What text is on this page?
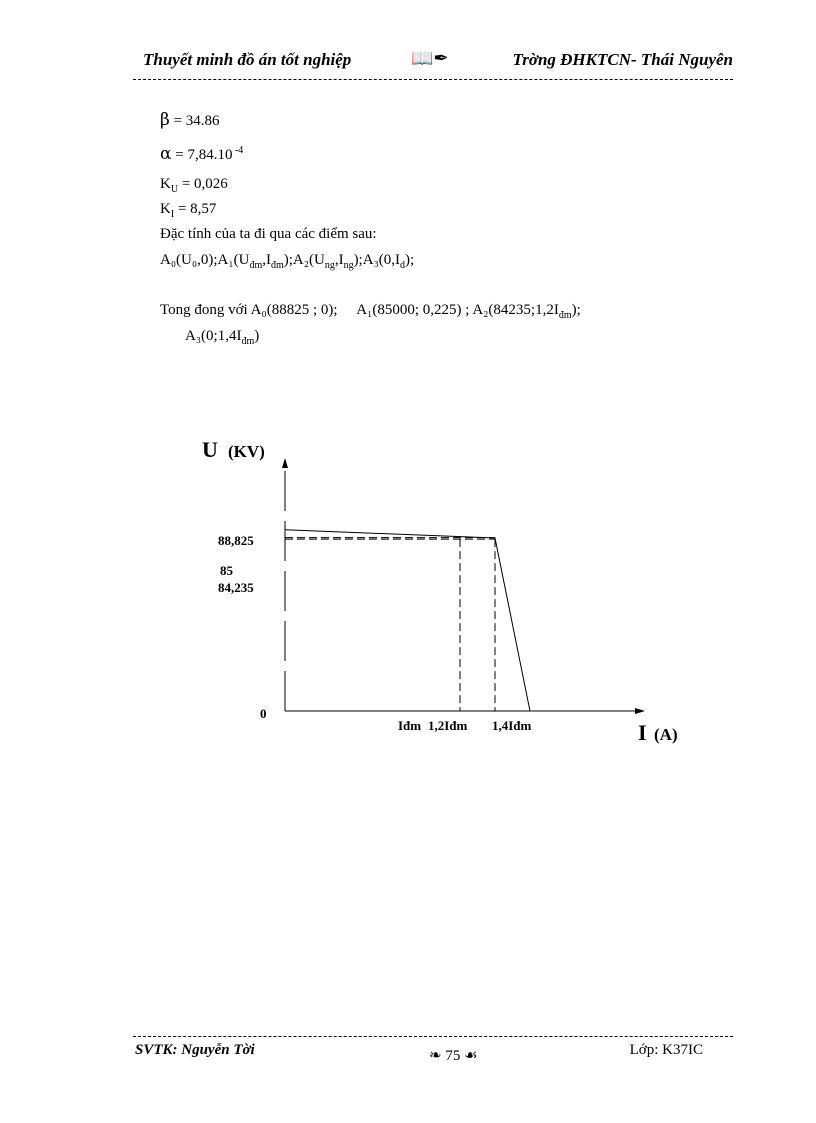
Thuyết minh đồ án tốt nghiệp	📖✒	Trờng ĐHKTCN- Thái Nguyên
β = 34.86
α = 7,84.10 $^{-4}$
$K_U = 0,026$
$K_I = 8,57$
Đặc tính của ta đi qua các điểm sau:
$A_0(U_0,0);A_1(U_{đm},I_{đm});A_2(U_{ng},I_{ng});A_3(0,I_d)$;
Tong đong với A₀(88825 ; 0); A₁(85000; 0,225) ; $A_2(84235;1,2I_{đm})$;
$A_3(0;1,4I_{đm})$
U (KV)
I (A)
0
88,825
85
84,235
Iđm 1,2Iđm 1,4Iđm
SVTK: Nguyễn Tời	❧ 75 ☙	Lớp: K37IC
